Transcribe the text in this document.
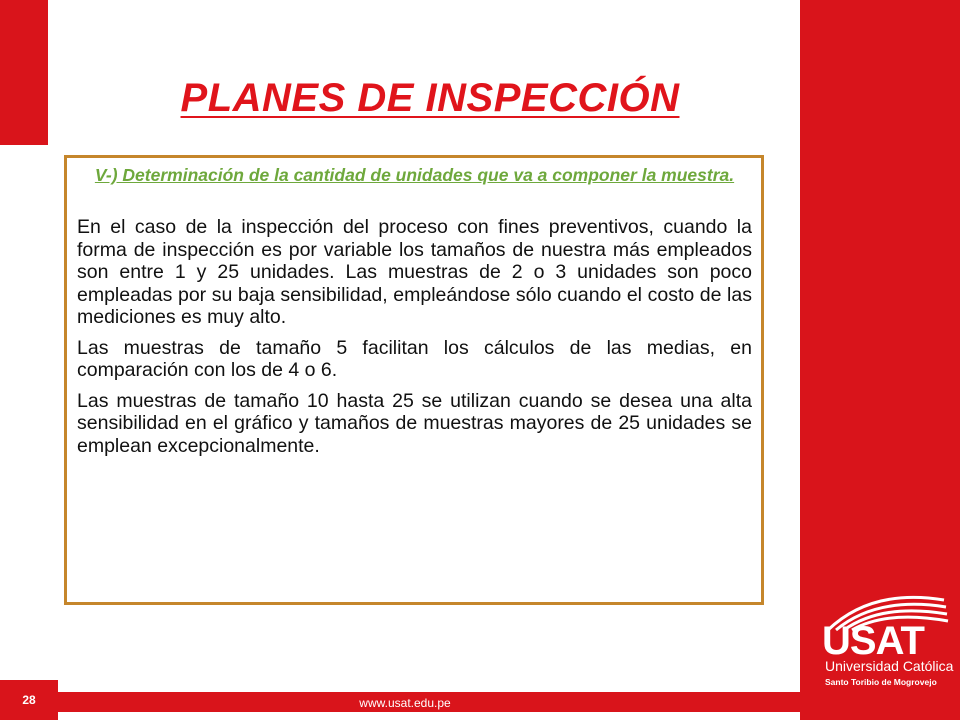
PLANES DE INSPECCIÓN

V-) Determinación de la cantidad de unidades que va a componer la muestra.

En el caso de la inspección del proceso con fines preventivos, cuando la forma de inspección es por variable los tamaños de nuestra más empleados son entre 1 y 25 unidades. Las muestras de 2 o 3 unidades son poco empleadas por su baja sensibilidad, empleándose sólo cuando el costo de las mediciones es muy alto.

Las muestras de tamaño 5 facilitan los cálculos de las medias, en comparación con los de 4 o 6.

Las muestras de tamaño 10 hasta 25 se utilizan cuando se desea una alta sensibilidad en el gráfico y tamaños de muestras mayores de 25 unidades se emplean excepcionalmente.

USAT
Universidad Católica
Santo Toribio de Mogrovejo
28	www.usat.edu.pe
